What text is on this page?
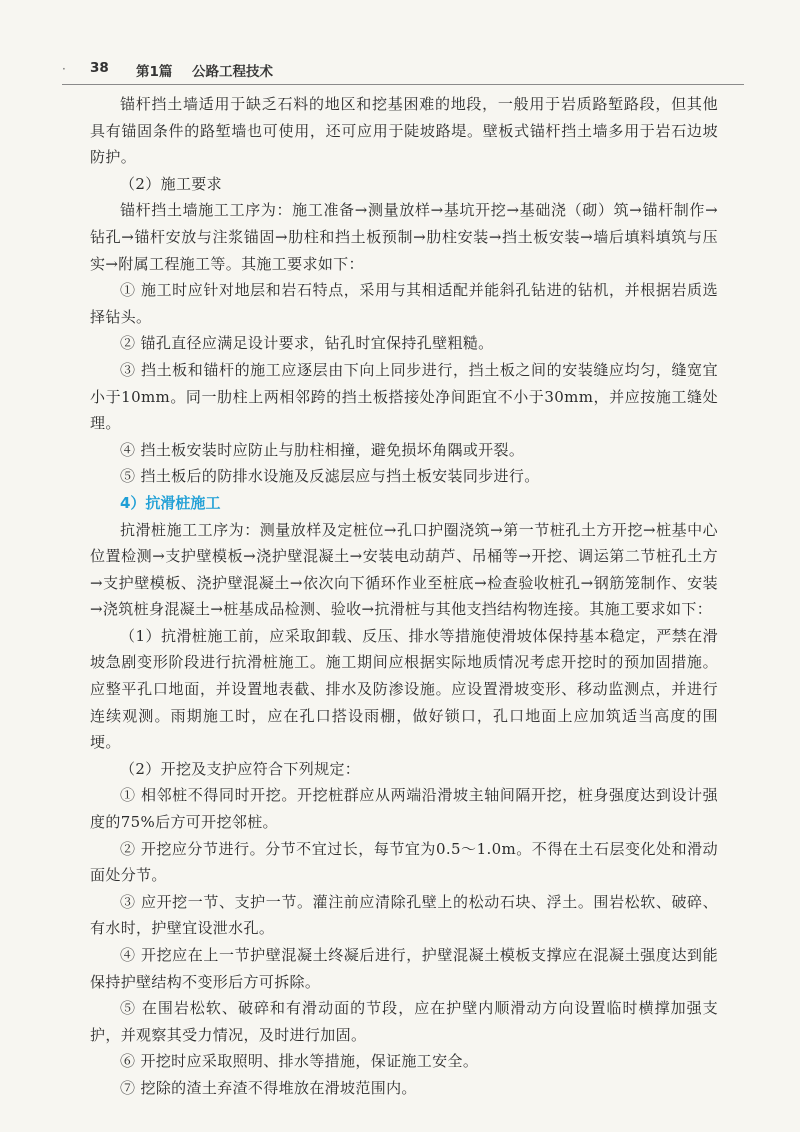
· 38 第1篇 公路工程技术

锚杆挡土墙适用于缺乏石料的地区和挖基困难的地段，一般用于岩质路堑路段，但其他具有锚固条件的路堑墙也可使用，还可应用于陡坡路堤。壁板式锚杆挡土墙多用于岩石边坡防护。

（2）施工要求

锚杆挡土墙施工工序为：施工准备→测量放样→基坑开挖→基础浇（砌）筑→锚杆制作→钻孔→锚杆安放与注浆锚固→肋柱和挡土板预制→肋柱安装→挡土板安装→墙后填料填筑与压实→附属工程施工等。其施工要求如下：

① 施工时应针对地层和岩石特点，采用与其相适配并能斜孔钻进的钻机，并根据岩质选择钻头。

② 锚孔直径应满足设计要求，钻孔时宜保持孔壁粗糙。

③ 挡土板和锚杆的施工应逐层由下向上同步进行，挡土板之间的安装缝应均匀，缝宽宜小于10mm。同一肋柱上两相邻跨的挡土板搭接处净间距宜不小于30mm，并应按施工缝处理。

④ 挡土板安装时应防止与肋柱相撞，避免损坏角隅或开裂。

⑤ 挡土板后的防排水设施及反滤层应与挡土板安装同步进行。

4）抗滑桩施工

抗滑桩施工工序为：测量放样及定桩位→孔口护圈浇筑→第一节桩孔土方开挖→桩基中心位置检测→支护壁模板→浇护壁混凝土→安装电动葫芦、吊桶等→开挖、调运第二节桩孔土方→支护壁模板、浇护壁混凝土→依次向下循环作业至桩底→检查验收桩孔→钢筋笼制作、安装→浇筑桩身混凝土→桩基成品检测、验收→抗滑桩与其他支挡结构物连接。其施工要求如下：

（1）抗滑桩施工前，应采取卸载、反压、排水等措施使滑坡体保持基本稳定，严禁在滑坡急剧变形阶段进行抗滑桩施工。施工期间应根据实际地质情况考虑开挖时的预加固措施。应整平孔口地面，并设置地表截、排水及防渗设施。应设置滑坡变形、移动监测点，并进行连续观测。雨期施工时，应在孔口搭设雨棚，做好锁口，孔口地面上应加筑适当高度的围埂。

（2）开挖及支护应符合下列规定：

① 相邻桩不得同时开挖。开挖桩群应从两端沿滑坡主轴间隔开挖，桩身强度达到设计强度的75%后方可开挖邻桩。

② 开挖应分节进行。分节不宜过长，每节宜为0.5～1.0m。不得在土石层变化处和滑动面处分节。

③ 应开挖一节、支护一节。灌注前应清除孔壁上的松动石块、浮土。围岩松软、破碎、有水时，护壁宜设泄水孔。

④ 开挖应在上一节护壁混凝土终凝后进行，护壁混凝土模板支撑应在混凝土强度达到能保持护壁结构不变形后方可拆除。

⑤ 在围岩松软、破碎和有滑动面的节段，应在护壁内顺滑动方向设置临时横撑加强支护，并观察其受力情况，及时进行加固。

⑥ 开挖时应采取照明、排水等措施，保证施工安全。

⑦ 挖除的渣土弃渣不得堆放在滑坡范围内。
